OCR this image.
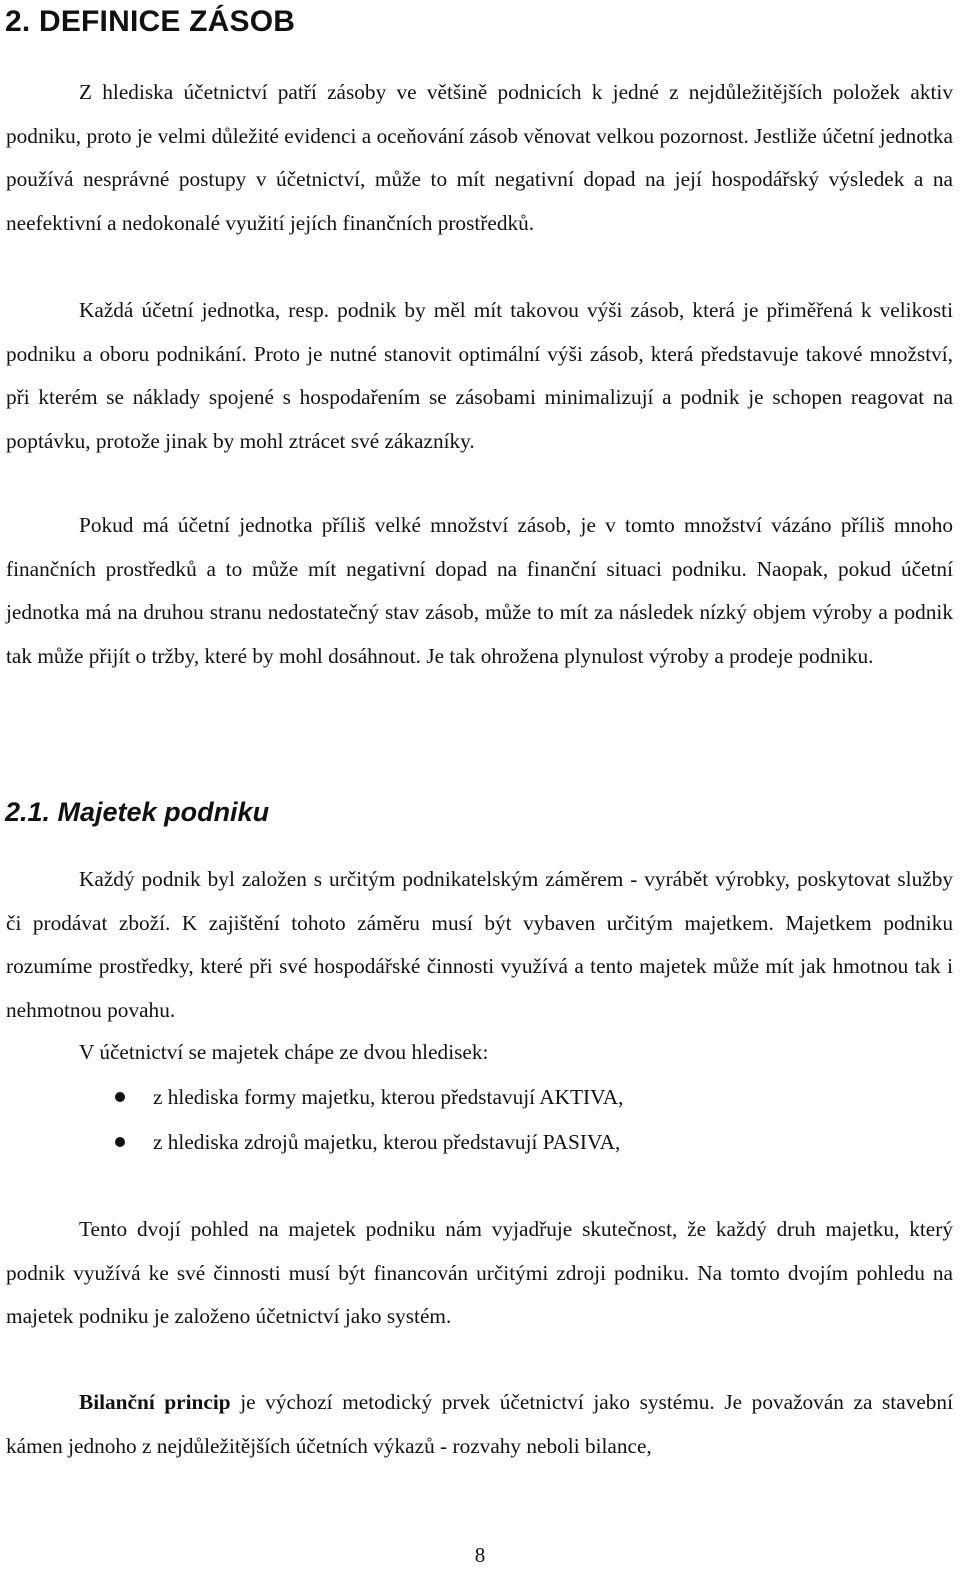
2. DEFINICE ZÁSOB

Z hlediska účetnictví patří zásoby ve většině podnicích k jedné z nejdůležitějších položek aktiv podniku, proto je velmi důležité evidenci a oceňování zásob věnovat velkou pozornost. Jestliže účetní jednotka používá nesprávné postupy v účetnictví, může to mít negativní dopad na její hospodářský výsledek a na neefektivní a nedokonalé využití jejích finančních prostředků.

Každá účetní jednotka, resp. podnik by měl mít takovou výši zásob, která je přiměřená k velikosti podniku a oboru podnikání. Proto je nutné stanovit optimální výši zásob, která představuje takové množství, při kterém se náklady spojené s hospodařením se zásobami minimalizují a podnik je schopen reagovat na poptávku, protože jinak by mohl ztrácet své zákazníky.

Pokud má účetní jednotka příliš velké množství zásob, je v tomto množství vázáno příliš mnoho finančních prostředků a to může mít negativní dopad na finanční situaci podniku. Naopak, pokud účetní jednotka má na druhou stranu nedostatečný stav zásob, může to mít za následek nízký objem výroby a podnik tak může přijít o tržby, které by mohl dosáhnout. Je tak ohrožena plynulost výroby a prodeje podniku.

2.1. Majetek podniku

Každý podnik byl založen s určitým podnikatelským záměrem - vyrábět výrobky, poskytovat služby či prodávat zboží. K zajištění tohoto záměru musí být vybaven určitým majetkem. Majetkem podniku rozumíme prostředky, které při své hospodářské činnosti využívá a tento majetek může mít jak hmotnou tak i nehmotnou povahu.

V účetnictví se majetek chápe ze dvou hledisek:

z hlediska formy majetku, kterou představují AKTIVA,
z hlediska zdrojů majetku, kterou představují PASIVA,

Tento dvojí pohled na majetek podniku nám vyjadřuje skutečnost, že každý druh majetku, který podnik využívá ke své činnosti musí být financován určitými zdroji podniku. Na tomto dvojím pohledu na majetek podniku je založeno účetnictví jako systém.

Bilanční princip je výchozí metodický prvek účetnictví jako systému. Je považován za stavební kámen jednoho z nejdůležitějších účetních výkazů - rozvahy neboli bilance,

8
